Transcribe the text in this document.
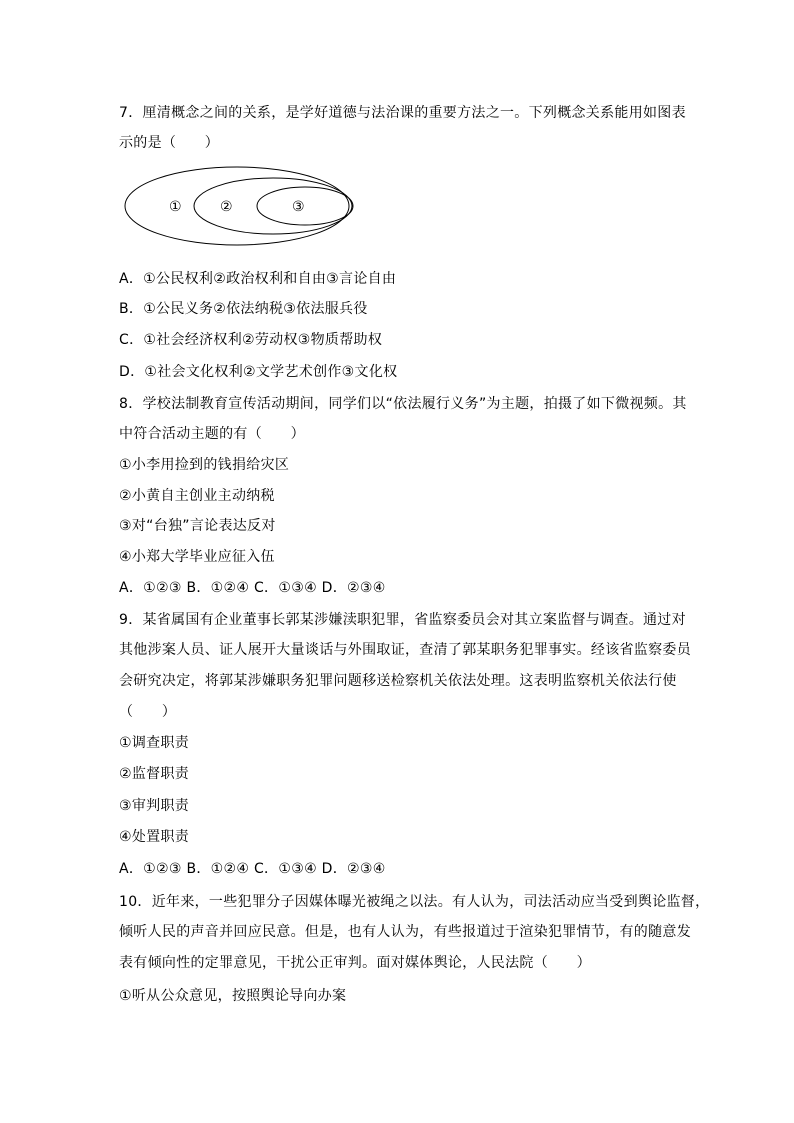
7．厘清概念之间的关系，是学好道德与法治课的重要方法之一。下列概念关系能用如图表
示的是（　　）
①	②	③
A．①公民权利②政治权利和自由③言论自由
B．①公民义务②依法纳税③依法服兵役
C．①社会经济权利②劳动权③物质帮助权
D．①社会文化权利②文学艺术创作③文化权
8．学校法制教育宣传活动期间，同学们以“依法履行义务”为主题，拍摄了如下微视频。其
中符合活动主题的有（　　）
①小李用捡到的钱捐给灾区
②小黄自主创业主动纳税
③对“台独”言论表达反对
④小郑大学毕业应征入伍
A．①②③ B．①②④ C．①③④ D．②③④
9．某省属国有企业董事长郭某涉嫌渎职犯罪，省监察委员会对其立案监督与调查。通过对
其他涉案人员、证人展开大量谈话与外围取证，查清了郭某职务犯罪事实。经该省监察委员
会研究决定，将郭某涉嫌职务犯罪问题移送检察机关依法处理。这表明监察机关依法行使
（　　）
①调查职责
②监督职责
③审判职责
④处置职责
A．①②③ B．①②④ C．①③④ D．②③④
10．近年来，一些犯罪分子因媒体曝光被绳之以法。有人认为，司法活动应当受到舆论监督，
倾听人民的声音并回应民意。但是，也有人认为，有些报道过于渲染犯罪情节，有的随意发
表有倾向性的定罪意见，干扰公正审判。面对媒体舆论，人民法院（　　）
①听从公众意见，按照舆论导向办案
